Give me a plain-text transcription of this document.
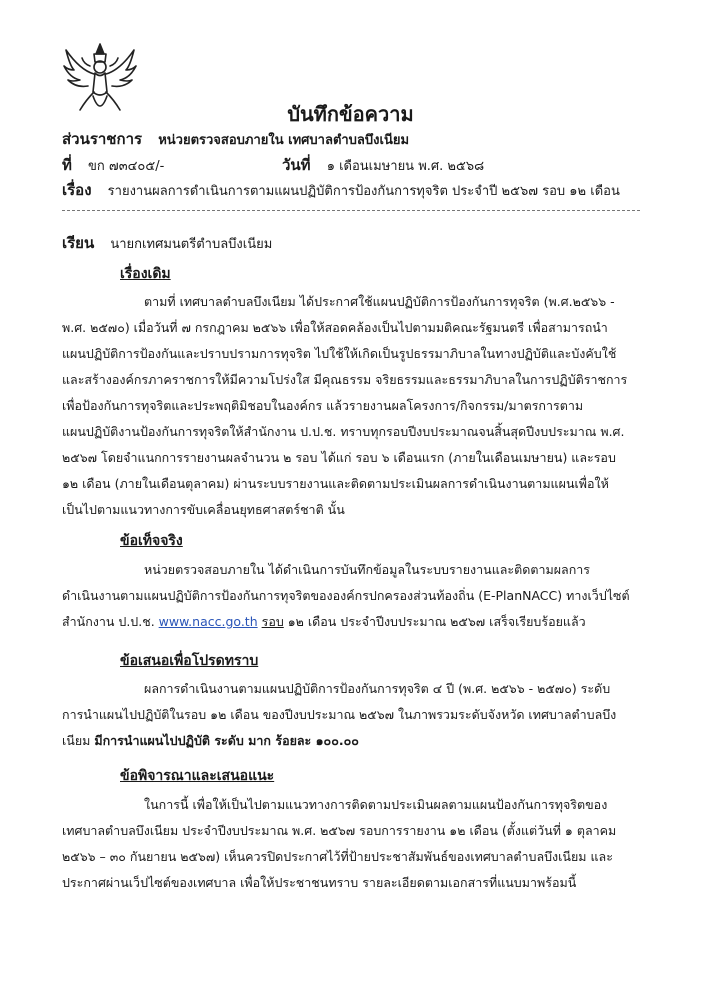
บันทึกข้อความ
ส่วนราชการ หน่วยตรวจสอบภายใน เทศบาลตำบลบึงเนียม
ที่ ขก ๗๓๔๐๕/-	วันที่ ๑ เดือนเมษายน พ.ศ. ๒๕๖๘
เรื่อง รายงานผลการดำเนินการตามแผนปฏิบัติการป้องกันการทุจริต ประจำปี ๒๕๖๗ รอบ ๑๒ เดือน
เรียน นายกเทศมนตรีตำบลบึงเนียม
เรื่องเดิม
ตามที่ เทศบาลตำบลบึงเนียม ได้ประกาศใช้แผนปฏิบัติการป้องกันการทุจริต (พ.ศ.๒๕๖๖ -
พ.ศ. ๒๕๗๐) เมื่อวันที่ ๗ กรกฎาคม ๒๕๖๖ เพื่อให้สอดคล้องเป็นไปตามมติคณะรัฐมนตรี เพื่อสามารถนำ
แผนปฏิบัติการป้องกันและปราบปรามการทุจริต ไปใช้ให้เกิดเป็นรูปธรรมาภิบาลในทางปฏิบัติและบังคับใช้
และสร้างองค์กรภาคราชการให้มีความโปร่งใส มีคุณธรรม จริยธรรมและธรรมาภิบาลในการปฏิบัติราชการ
เพื่อป้องกันการทุจริตและประพฤติมิชอบในองค์กร แล้วรายงานผลโครงการ/กิจกรรม/มาตรการตาม
แผนปฏิบัติงานป้องกันการทุจริตให้สำนักงาน ป.ป.ช. ทราบทุกรอบปีงบประมาณจนสิ้นสุดปีงบประมาณ พ.ศ.
๒๕๖๗ โดยจำแนกการรายงานผลจำนวน ๒ รอบ ได้แก่ รอบ ๖ เดือนแรก (ภายในเดือนเมษายน) และรอบ
๑๒ เดือน (ภายในเดือนตุลาคม) ผ่านระบบรายงานและติดตามประเมินผลการดำเนินงานตามแผนเพื่อให้
เป็นไปตามแนวทางการขับเคลื่อนยุทธศาสตร์ชาติ นั้น
ข้อเท็จจริง
หน่วยตรวจสอบภายใน ได้ดำเนินการบันทึกข้อมูลในระบบรายงานและติดตามผลการ
ดำเนินงานตามแผนปฏิบัติการป้องกันการทุจริตขององค์กรปกครองส่วนท้องถิ่น (E-PlanNACC) ทางเว็ปไซต์
สำนักงาน ป.ป.ช. www.nacc.go.th รอบ ๑๒ เดือน ประจำปีงบประมาณ ๒๕๖๗ เสร็จเรียบร้อยแล้ว
ข้อเสนอเพื่อโปรดทราบ
ผลการดำเนินงานตามแผนปฏิบัติการป้องกันการทุจริต ๔ ปี (พ.ศ. ๒๕๖๖ - ๒๕๗๐) ระดับ
การนำแผนไปปฏิบัติในรอบ ๑๒ เดือน ของปีงบประมาณ ๒๕๖๗ ในภาพรวมระดับจังหวัด เทศบาลตำบลบึง
เนียม มีการนำแผนไปปฏิบัติ ระดับ มาก ร้อยละ ๑๐๐.๐๐
ข้อพิจารณาและเสนอแนะ
ในการนี้ เพื่อให้เป็นไปตามแนวทางการติดตามประเมินผลตามแผนป้องกันการทุจริตของ
เทศบาลตำบลบึงเนียม ประจำปีงบประมาณ พ.ศ. ๒๕๖๗ รอบการรายงาน ๑๒ เดือน (ตั้งแต่วันที่ ๑ ตุลาคม
๒๕๖๖ – ๓๐ กันยายน ๒๕๖๗) เห็นควรปิดประกาศไว้ที่ป้ายประชาสัมพันธ์ของเทศบาลตำบลบึงเนียม และ
ประกาศผ่านเว็ปไซต์ของเทศบาล เพื่อให้ประชาชนทราบ รายละเอียดตามเอกสารที่แนบมาพร้อมนี้
